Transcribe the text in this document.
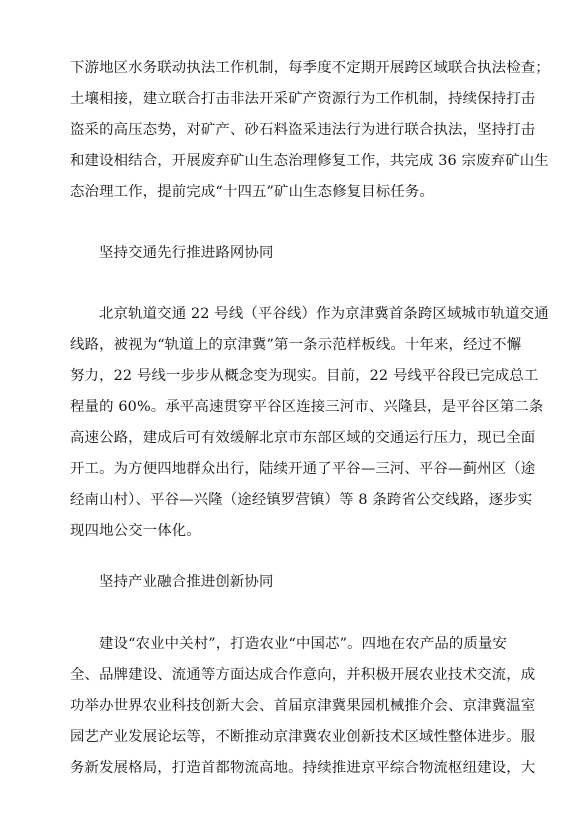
下游地区水务联动执法工作机制，每季度不定期开展跨区域联合执法检查；
土壤相接，建立联合打击非法开采矿产资源行为工作机制，持续保持打击
盗采的高压态势，对矿产、砂石料盗采违法行为进行联合执法，坚持打击
和建设相结合，开展废弃矿山生态治理修复工作，共完成 36 宗废弃矿山生
态治理工作，提前完成“十四五”矿山生态修复目标任务。
坚持交通先行推进路网协同
北京轨道交通 22 号线（平谷线）作为京津冀首条跨区域城市轨道交通
线路，被视为“轨道上的京津冀”第一条示范样板线。十年来，经过不懈
努力，22 号线一步步从概念变为现实。目前，22 号线平谷段已完成总工
程量的 60%。承平高速贯穿平谷区连接三河市、兴隆县，是平谷区第二条
高速公路，建成后可有效缓解北京市东部区域的交通运行压力，现已全面
开工。为方便四地群众出行，陆续开通了平谷—三河、平谷—蓟州区（途
经南山村）、平谷—兴隆（途经镇罗营镇）等 8 条跨省公交线路，逐步实
现四地公交一体化。
坚持产业融合推进创新协同
建设“农业中关村”，打造农业“中国芯”。四地在农产品的质量安
全、品牌建设、流通等方面达成合作意向，并积极开展农业技术交流，成
功举办世界农业科技创新大会、首届京津冀果园机械推介会、京津冀温室
园艺产业发展论坛等，不断推动京津冀农业创新技术区域性整体进步。服
务新发展格局，打造首都物流高地。持续推进京平综合物流枢纽建设，大
